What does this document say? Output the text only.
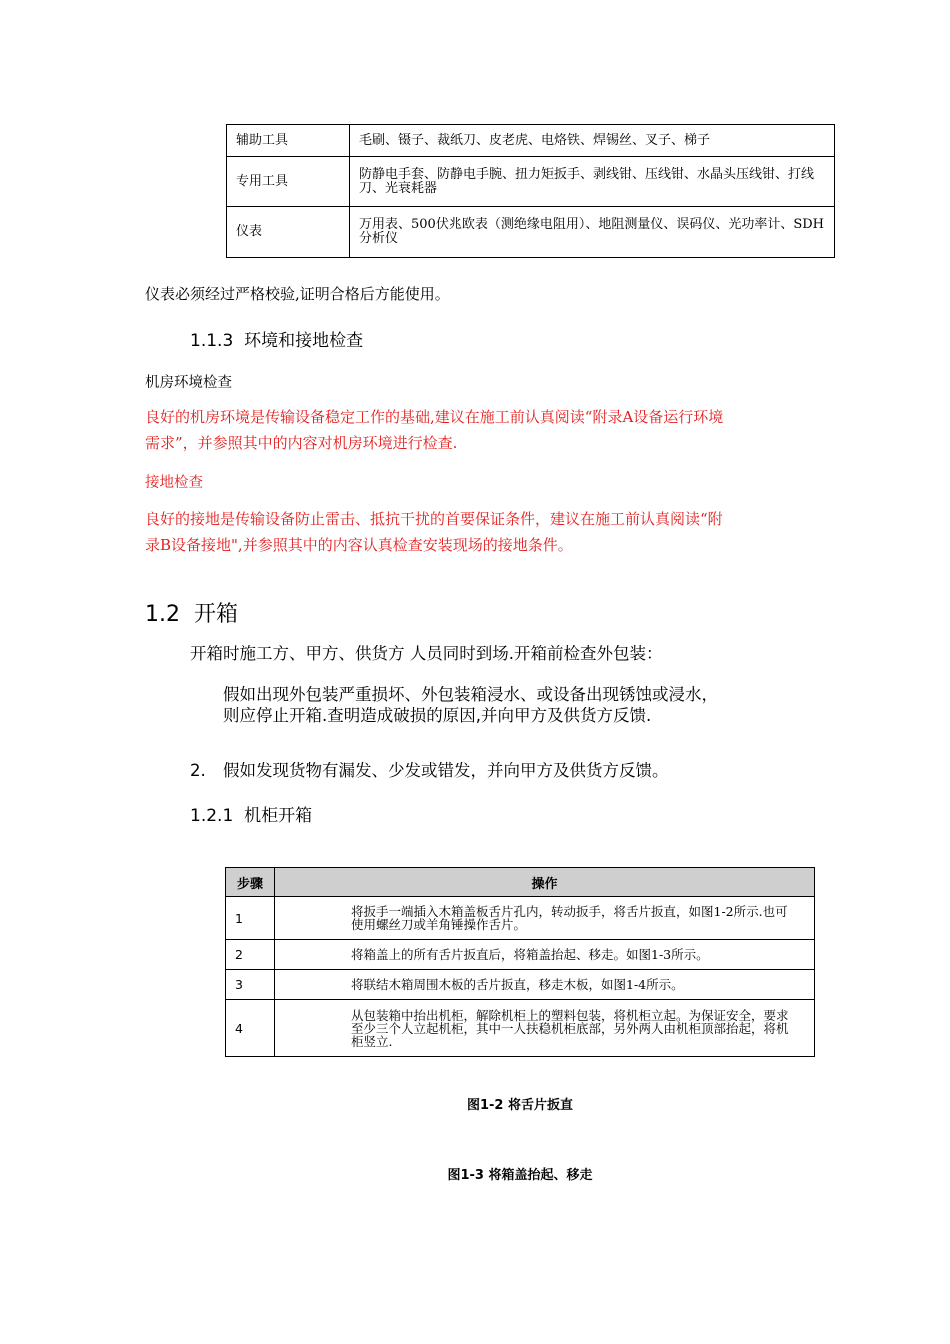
辅助工具	毛刷、镊子、裁纸刀、皮老虎、电烙铁、焊锡丝、叉子、梯子
专用工具	防静电手套、防静电手腕、扭力矩扳手、剥线钳、压线钳、水晶头压线钳、打线刀、光衰耗器
仪表	万用表、500伏兆欧表（测绝缘电阻用）、地阻测量仪、误码仪、光功率计、SDH分析仪
仪表必须经过严格校验,证明合格后方能使用。
1.1.3 环境和接地检查
机房环境检查
良好的机房环境是传输设备稳定工作的基础,建议在施工前认真阅读“附录A设备运行环境
需求”，并参照其中的内容对机房环境进行检查.
接地检查
良好的接地是传输设备防止雷击、抵抗干扰的首要保证条件，建议在施工前认真阅读“附
录B设备接地",并参照其中的内容认真检查安装现场的接地条件。
1.2 开箱
开箱时施工方、甲方、供货方 人员同时到场.开箱前检查外包装：
假如出现外包装严重损坏、外包装箱浸水、或设备出现锈蚀或浸水，
则应停止开箱.查明造成破损的原因,并向甲方及供货方反馈.
2. 假如发现货物有漏发、少发或错发，并向甲方及供货方反馈。
1.2.1 机柜开箱
步骤	操作
1	将扳手一端插入木箱盖板舌片孔内，转动扳手，将舌片扳直，如图1-2所示.也可
使用螺丝刀或羊角锤操作舌片。

2	将箱盖上的所有舌片扳直后，将箱盖抬起、移走。如图1-3所示。

3	将联结木箱周围木板的舌片扳直，移走木板，如图1-4所示。

4	从包装箱中抬出机柜，解除机柜上的塑料包装，将机柜立起。为保证安全，要求
至少三个人立起机柜，其中一人扶稳机柜底部，另外两人由机柜顶部抬起，将机
柜竖立.
图1-2 将舌片扳直
图1-3 将箱盖抬起、移走
